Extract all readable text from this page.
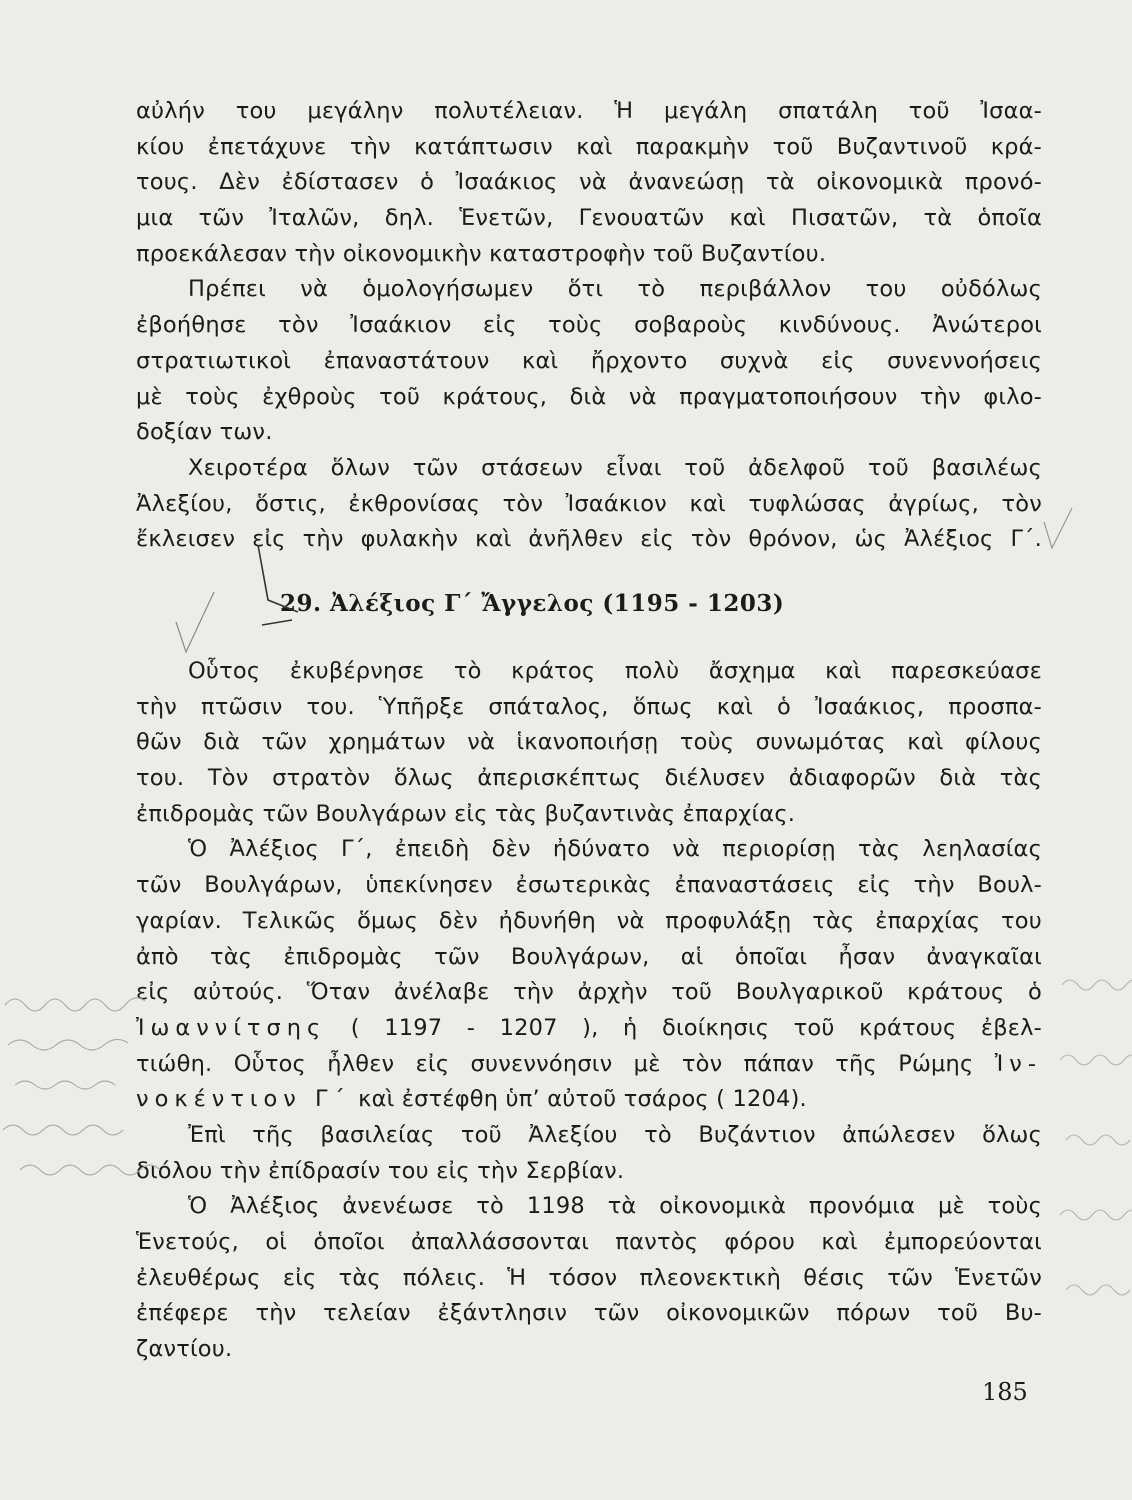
αὐλήν του μεγάλην πολυτέλειαν. Ἡ μεγάλη σπατάλη τοῦ Ἰσαα-
κίου ἐπετάχυνε τὴν κατάπτωσιν καὶ παρακμὴν τοῦ Βυζαντινοῦ κρά-
τους. Δὲν ἐδίστασεν ὁ Ἰσαάκιος νὰ ἀνανεώσῃ τὰ οἰκονομικὰ προνό-
μια τῶν Ἰταλῶν, δηλ. Ἑνετῶν, Γενουατῶν καὶ Πισατῶν, τὰ ὁποῖα
προεκάλεσαν τὴν οἰκονομικὴν καταστροφὴν τοῦ Βυζαντίου.
Πρέπει νὰ ὁμολογήσωμεν ὅτι τὸ περιβάλλον του οὐδόλως
ἐβοήθησε τὸν Ἰσαάκιον εἰς τοὺς σοβαροὺς κινδύνους. Ἀνώτεροι
στρατιωτικοὶ ἐπαναστάτουν καὶ ἤρχοντο συχνὰ εἰς συνεννοήσεις
μὲ τοὺς ἐχθροὺς τοῦ κράτους, διὰ νὰ πραγματοποιήσουν τὴν φιλο-
δοξίαν των.
Χειροτέρα ὅλων τῶν στάσεων εἶναι τοῦ ἀδελφοῦ τοῦ βασιλέως
Ἀλεξίου, ὅστις, ἐκθρονίσας τὸν Ἰσαάκιον καὶ τυφλώσας ἀγρίως, τὸν
ἔκλεισεν εἰς τὴν φυλακὴν καὶ ἀνῆλθεν εἰς τὸν θρόνον, ὡς Ἀλέξιος Γ΄.
29. Ἀλέξιος Γ΄ Ἄγγελος (1195 - 1203)
Οὗτος ἐκυβέρνησε τὸ κράτος πολὺ ἄσχημα καὶ παρεσκεύασε
τὴν πτῶσιν του. Ὑπῆρξε σπάταλος, ὅπως καὶ ὁ Ἰσαάκιος, προσπα-
θῶν διὰ τῶν χρημάτων νὰ ἱκανοποιήσῃ τοὺς συνωμότας καὶ φίλους
του. Τὸν στρατὸν ὅλως ἀπερισκέπτως διέλυσεν ἀδιαφορῶν διὰ τὰς
ἐπιδρομὰς τῶν Βουλγάρων εἰς τὰς βυζαντινὰς ἐπαρχίας.
Ὁ Ἀλέξιος Γ΄, ἐπειδὴ δὲν ἠδύνατο νὰ περιορίσῃ τὰς λεηλασίας
τῶν Βουλγάρων, ὑπεκίνησεν ἐσωτερικὰς ἐπαναστάσεις εἰς τὴν Βουλ-
γαρίαν. Τελικῶς ὅμως δὲν ἠδυνήθη νὰ προφυλάξῃ τὰς ἐπαρχίας του
ἀπὸ τὰς ἐπιδρομὰς τῶν Βουλγάρων, αἱ ὁποῖαι ἦσαν ἀναγκαῖαι
εἰς αὐτούς. Ὅταν ἀνέλαβε τὴν ἀρχὴν τοῦ Βουλγαρικοῦ κράτους ὁ
Ἰωαννίτσης ( 1197 - 1207 ), ἡ διοίκησις τοῦ κράτους ἐβελ-
τιώθη. Οὗτος ἦλθεν εἰς συνεννόησιν μὲ τὸν πάπαν τῆς Ρώμης Ἰν-
νοκέντιον Γ΄ καὶ ἐστέφθη ὑπ’ αὐτοῦ τσάρος ( 1204).
Ἐπὶ τῆς βασιλείας τοῦ Ἀλεξίου τὸ Βυζάντιον ἀπώλεσεν ὅλως
διόλου τὴν ἐπίδρασίν του εἰς τὴν Σερβίαν.
Ὁ Ἀλέξιος ἀνενέωσε τὸ 1198 τὰ οἰκονομικὰ προνόμια μὲ τοὺς
Ἑνετούς, οἱ ὁποῖοι ἀπαλλάσσονται παντὸς φόρου καὶ ἐμπορεύονται
ἐλευθέρως εἰς τὰς πόλεις. Ἡ τόσον πλεονεκτικὴ θέσις τῶν Ἑνετῶν
ἐπέφερε τὴν τελείαν ἐξάντλησιν τῶν οἰκονομικῶν πόρων τοῦ Βυ-
ζαντίου.
185
